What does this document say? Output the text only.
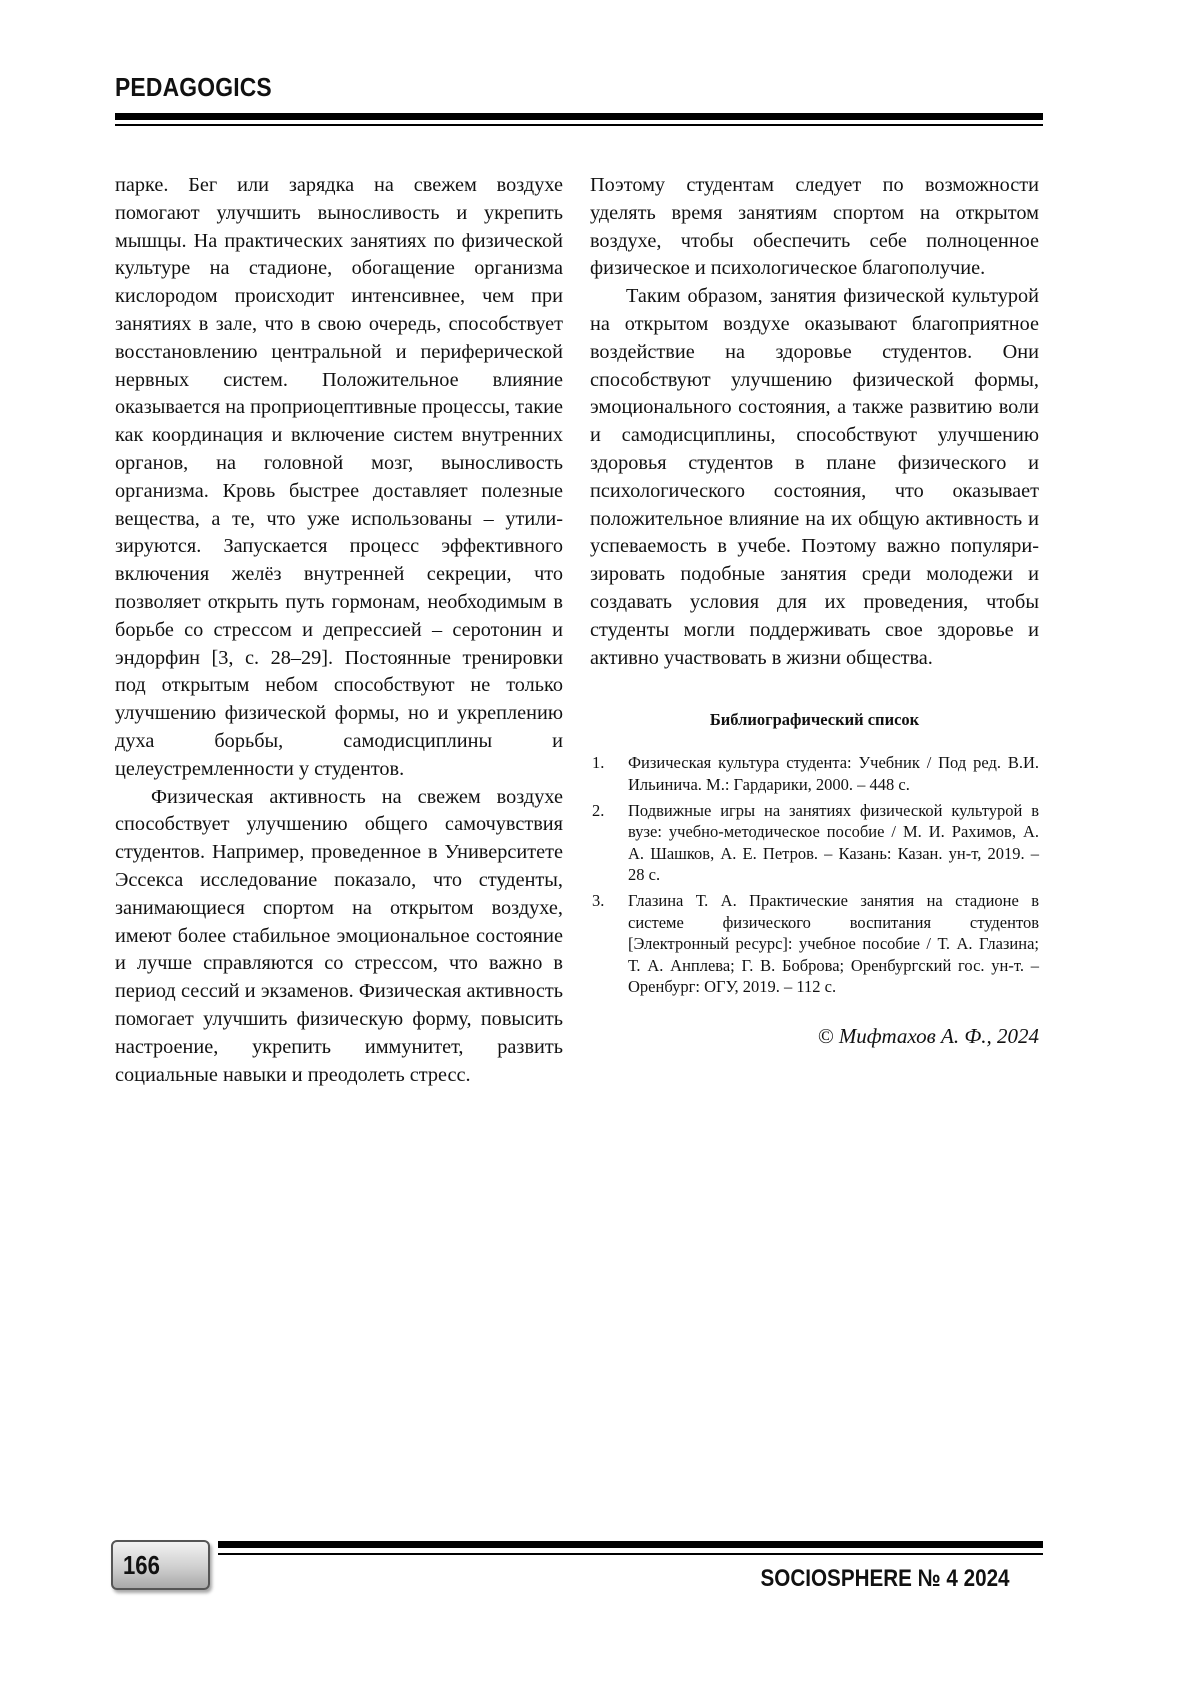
PEDAGOGICS

парке. Бег или зарядка на свежем воздухе помогают улучшить выносливость и укрепить мышцы. На практических занятиях по физической культуре на стадионе, обогащение организма кислородом происходит интенсивнее, чем при занятиях в зале, что в свою очередь, способствует восстановлению центральной и периферической нервных систем. Положительное влияние оказывается на проприоцептивные процессы, такие как координация и включение систем внутренних органов, на головной мозг, выносливость организма. Кровь быстрее доставляет полезные вещества, а те, что уже использованы – утилизируются. Запускается процесс эффективного включения желёз внутренней секреции, что позволяет открыть путь гормонам, необходимым в борьбе со стрессом и депрессией – серотонин и эндорфин [3, с. 28–29]. Постоянные тренировки под открытым небом способствуют не только улучшению физической формы, но и укреплению духа борьбы, самодисциплины и целеустремленности у студентов.

Физическая активность на свежем воздухе способствует улучшению общего самочувствия студентов. Например, проведенное в Университете Эссекса исследование показало, что студенты, занимающиеся спортом на открытом воздухе, имеют более стабильное эмоциональное состояние и лучше справляются со стрессом, что важно в период сессий и экзаменов. Физическая активность помогает улучшить физическую форму, повысить настроение, укрепить иммунитет, развить социальные навыки и преодолеть стресс.

Поэтому студентам следует по возможности уделять время занятиям спортом на открытом воздухе, чтобы обеспечить себе полноценное физическое и психологическое благополучие.

Таким образом, занятия физической культурой на открытом воздухе оказывают благоприятное воздействие на здоровье студентов. Они способствуют улучшению физической формы, эмоционального состояния, а также развитию воли и самодисциплины, способствуют улучшению здоровья студентов в плане физического и психологического состояния, что оказывает положительное влияние на их общую активность и успеваемость в учебе. Поэтому важно популяризировать подобные занятия среди молодежи и создавать условия для их проведения, чтобы студенты могли поддерживать свое здоровье и активно участвовать в жизни общества.

Библиографический список
1. Физическая культура студента: Учебник / Под ред. В.И. Ильинича. М.: Гардарики, 2000. – 448 с.
2. Подвижные игры на занятиях физической культурой в вузе: учебно-методическое пособие / М. И. Рахимов, А. А. Шашков, А. Е. Петров. – Казань: Казан. ун-т, 2019. – 28 с.
3. Глазина Т. А. Практические занятия на стадионе в системе физического воспитания студентов [Электронный ресурс]: учебное пособие / Т. А. Глазина; Т. А. Анплева; Г. В. Боброва; Оренбургский гос. ун-т. – Оренбург: ОГУ, 2019. – 112 с.
© Мифтахов А. Ф., 2024
166	SOCIOSPHERE № 4 2024
